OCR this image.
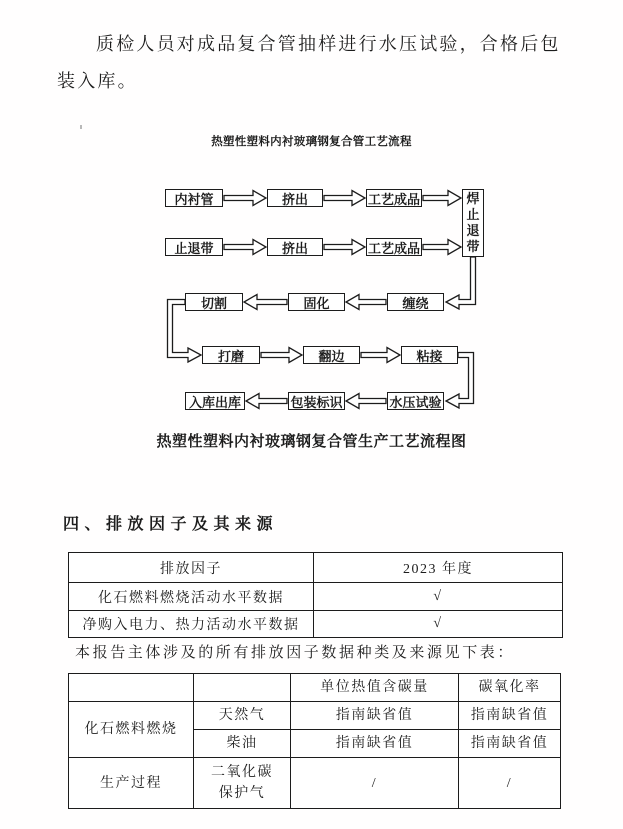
质检人员对成品复合管抽样进行水压试验，合格后包装入库。

热塑性塑料内衬玻璃钢复合管工艺流程
内衬管	挤出	工艺成品	焊止退带
止退带	挤出	工艺成品
切割	固化	缠绕
打磨	翻边	粘接
入库出库	包装标识	水压试验
热塑性塑料内衬玻璃钢复合管生产工艺流程图
四、排放因子及其来源
排放因子	2023 年度
化石燃料燃烧活动水平数据	√
净购入电力、热力活动水平数据	√

本报告主体涉及的所有排放因子数据种类及来源见下表：

		单位热值含碳量	碳氧化率
化石燃料燃烧	天然气	指南缺省值	指南缺省值
	柴油	指南缺省值	指南缺省值
生产过程	二氧化碳保护气	/	/
